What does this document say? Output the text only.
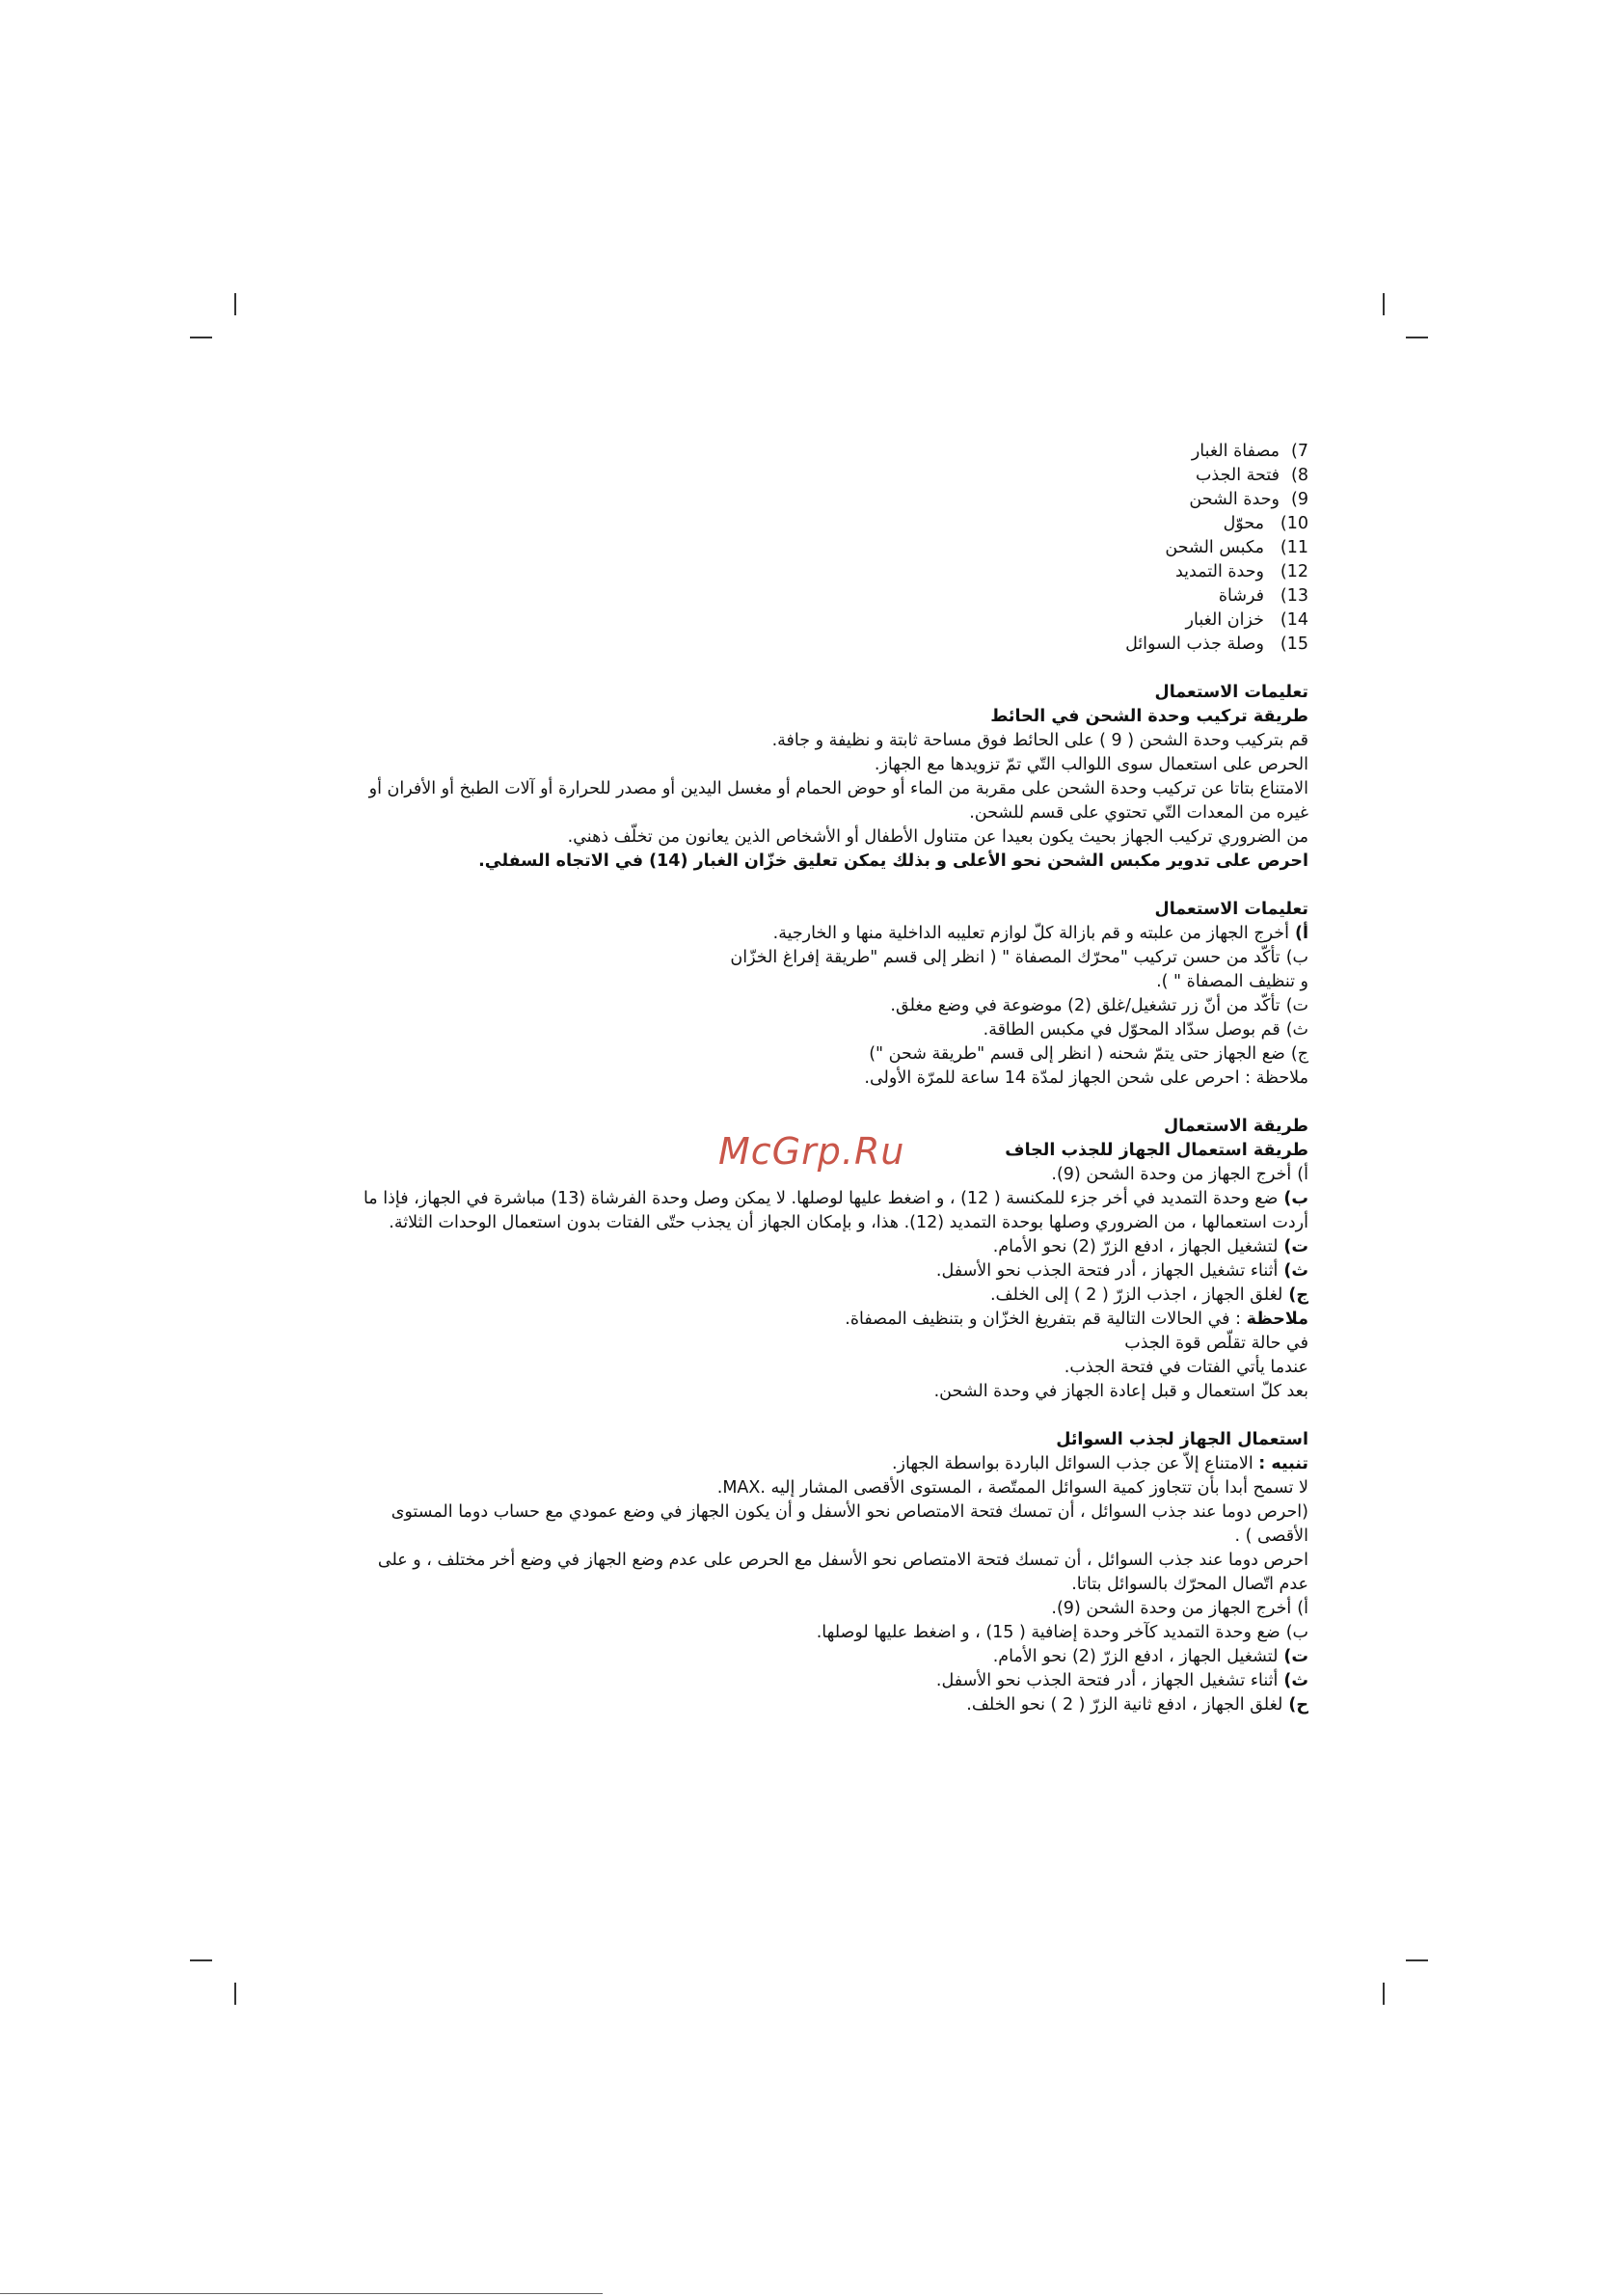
7)
مصفاة الغبار
8)
فتحة الجذب
9)
وحدة الشحن
10)
محوّل
11)
مكبس الشحن
12)
وحدة التمديد
13)
فرشاة
14)
خزان الغبار
15)
وصلة جذب السوائل

تعليمات الاستعمال

طريقة تركيب وحدة الشحن في الحائط

قم بتركيب وحدة الشحن ( 9 ) على الحائط فوق مساحة ثابتة و نظيفة و جافة.

الحرص على استعمال سوى اللوالب التّي تمّ تزويدها مع الجهاز.

الامتناع بتاتا عن تركيب وحدة الشحن على مقربة من الماء أو حوض الحمام أو مغسل اليدين أو مصدر للحرارة أو آلات الطبخ أو الأفران أو

غيره من المعدات التّي تحتوي على قسم للشحن.

من الضروري تركيب الجهاز بحيث يكون بعيدا عن متناول الأطفال أو الأشخاص الذين يعانون من تخلّف ذهني.

احرص على تدوير مكبس الشحن نحو الأعلى و بذلك يمكن تعليق خزّان الغبار (14) في الاتجاه السفلي.

تعليمات الاستعمال

أ)أخرج الجهاز من علبته و قم بازالة كلّ لوازم تعليبه الداخلية منها و الخارجية.

ب)تأكّد من حسن تركيب "محرّك المصفاة " ( انظر إلى قسم "طريقة إفراغ الخزّان

و تنظيف المصفاة " ).

ت)تأكّد من أنّ زر تشغيل/غلق (2) موضوعة في وضع مغلق.

ث)قم بوصل سدّاد المحوّل في مكبس الطاقة.

ج)ضع الجهاز حتى يتمّ شحنه ( انظر إلى قسم "طريقة شحن ")

ملاحظة : احرص على شحن الجهاز لمدّة 14 ساعة للمرّة الأولى.

طريقة الاستعمال

طريقة استعمال الجهاز للجذب الجاف

أ)أخرج الجهاز من وحدة الشحن (9).

ب)ضع وحدة التمديد في أخر جزء للمكنسة ( 12) ، و اضغط عليها لوصلها. لا يمكن وصل وحدة الفرشاة (13) مباشرة في الجهاز، فإذا ما

أردت استعمالها ، من الضروري وصلها بوحدة التمديد (12). هذا، و بإمكان الجهاز أن يجذب حتّى الفتات بدون استعمال الوحدات الثلاثة.

ت)لتشغيل الجهاز ، ادفع الزرّ (2) نحو الأمام.

ث)أثناء تشغيل الجهاز ، أدر فتحة الجذب نحو الأسفل.

ج)لغلق الجهاز ، اجذب الزرّ ( 2 ) إلى الخلف.

ملاحظة : في الحالات التالية قم بتفريغ الخزّان و بتنظيف المصفاة.

في حالة تقلّص قوة الجذب

عندما يأتي الفتات في فتحة الجذب.

بعد كلّ استعمال و قبل إعادة الجهاز في وحدة الشحن.

استعمال الجهاز لجذب السوائل

تنبيه : الامتناع إلاّ عن جذب السوائل الباردة بواسطة الجهاز.

لا تسمح أبدا بأن تتجاوز كمية السوائل الممتّصة ، المستوى الأقصى المشار إليه .MAX.

(احرص دوما عند جذب السوائل ، أن تمسك فتحة الامتصاص نحو الأسفل و أن يكون الجهاز في وضع عمودي مع حساب دوما المستوى

الأقصى ) .

احرص دوما عند جذب السوائل ، أن تمسك فتحة الامتصاص نحو الأسفل مع الحرص على عدم وضع الجهاز في وضع أخر مختلف ، و على

عدم اتّصال المحرّك بالسوائل بتاتا.

أ)أخرج الجهاز من وحدة الشحن (9).

ب)ضع وحدة التمديد كآخر وحدة إضافية ( 15) ، و اضغط عليها لوصلها.

ت)لتشغيل الجهاز ، ادفع الزرّ (2) نحو الأمام.

ث)أثناء تشغيل الجهاز ، أدر فتحة الجذب نحو الأسفل.

ح)لغلق الجهاز ، ادفع ثانية الزرّ ( 2 ) نحو الخلف.

McGrp.Ru
